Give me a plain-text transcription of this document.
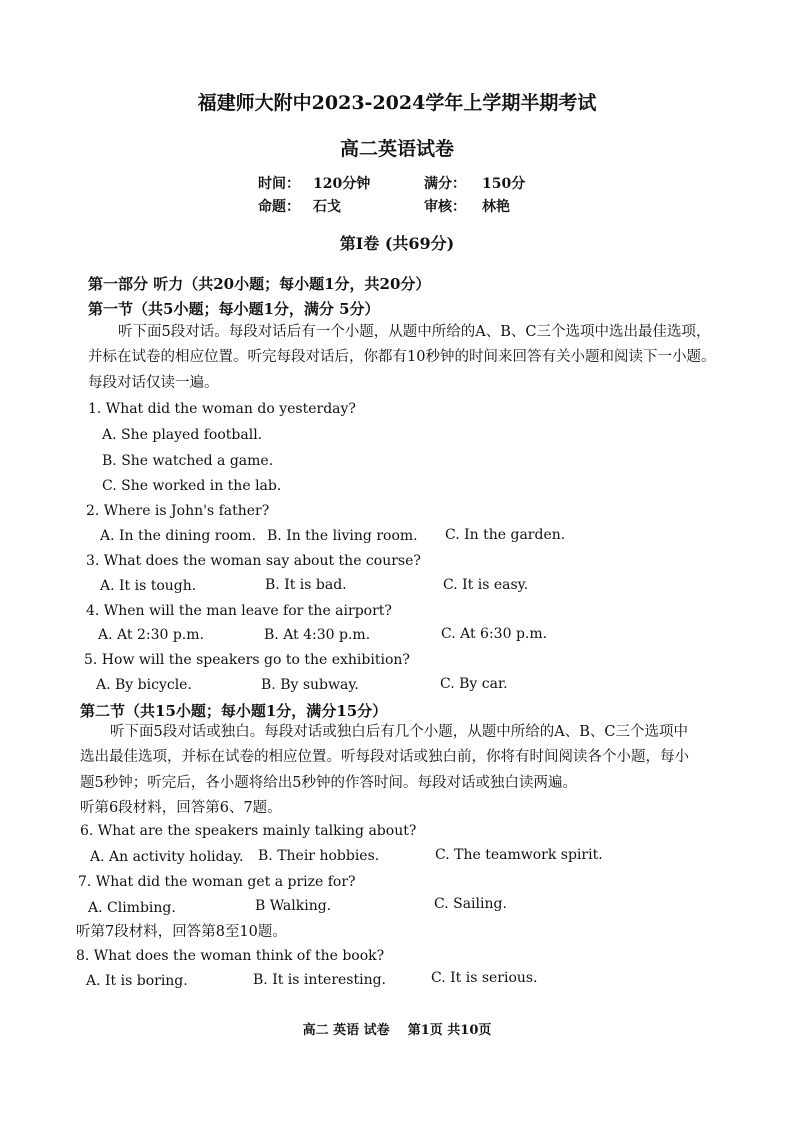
福建师大附中2023-2024学年上学期半期考试
高二英语试卷
时间： 120分钟	满分： 150分
命题： 石戈	审核： 林艳
第I卷 (共69分)
第一部分 听力（共20小题；每小题1分，共20分）
第一节（共5小题；每小题1分，满分 5分）
听下面5段对话。每段对话后有一个小题，从题中所给的A、B、C三个选项中选出最佳选项，
并标在试卷的相应位置。听完每段对话后，你都有10秒钟的时间来回答有关小题和阅读下一小题。
每段对话仅读一遍。
1. What did the woman do yesterday?
A. She played football.
B. She watched a game.
C. She worked in the lab.
2. Where is John's father?
A. In the dining room. B. In the living room. C. In the garden.
3. What does the woman say about the course?
A. It is tough.	B. It is bad.	C. It is easy.
4. When will the man leave for the airport?
A. At 2:30 p.m.	B. At 4:30 p.m.	C. At 6:30 p.m.
5. How will the speakers go to the exhibition?
A. By bicycle.	B. By subway.	C. By car.
第二节（共15小题；每小题1分，满分15分）
听下面5段对话或独白。每段对话或独白后有几个小题，从题中所给的A、B、C三个选项中
选出最佳选项，并标在试卷的相应位置。听每段对话或独白前，你将有时间阅读各个小题，每小
题5秒钟；听完后，各小题将给出5秒钟的作答时间。每段对话或独白读两遍。
听第6段材料，回答第6、7题。
6. What are the speakers mainly talking about?
A. An activity holiday. B. Their hobbies.	C. The teamwork spirit.
7. What did the woman get a prize for?
A. Climbing.	B Walking.	C. Sailing.
听第7段材料，回答第8至10题。
8. What does the woman think of the book?
A. It is boring.	B. It is interesting.	C. It is serious.
高二 英语 试卷    第1页 共10页
